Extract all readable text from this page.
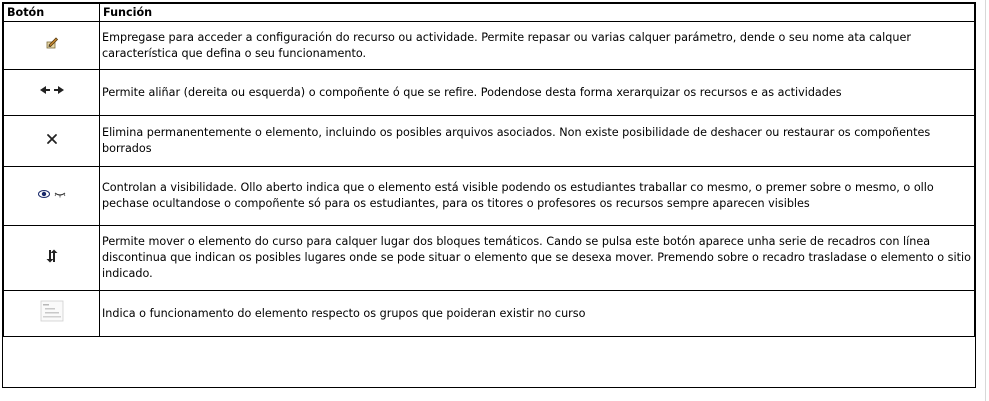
Botón	Función
	Empregase para acceder a configuración do recurso ou actividade. Permite repasar ou varias calquer parámetro, dende o seu nome ata calquer característica que defina o seu funcionamento.
	Permite aliñar (dereita ou esquerda) o compoñente ó que se refire. Podendose desta forma xerarquizar os recursos e as actividades
	Elimina permanentemente o elemento, incluindo os posibles arquivos asociados. Non existe posibilidade de deshacer ou restaurar os compoñentes borrados
	Controlan a visibilidade. Ollo aberto indica que o elemento está visible podendo os estudiantes traballar co mesmo, o premer sobre o mesmo, o ollo pechase ocultandose o compoñente só para os estudiantes, para os titores o profesores os recursos sempre aparecen visibles
	Permite mover o elemento do curso para calquer lugar dos bloques temáticos. Cando se pulsa este botón aparece unha serie de recadros con línea discontinua que indican os posibles lugares onde se pode situar o elemento que se desexa mover. Premendo sobre o recadro trasladase o elemento o sitio indicado.
	Indica o funcionamento do elemento respecto os grupos que poideran existir no curso
